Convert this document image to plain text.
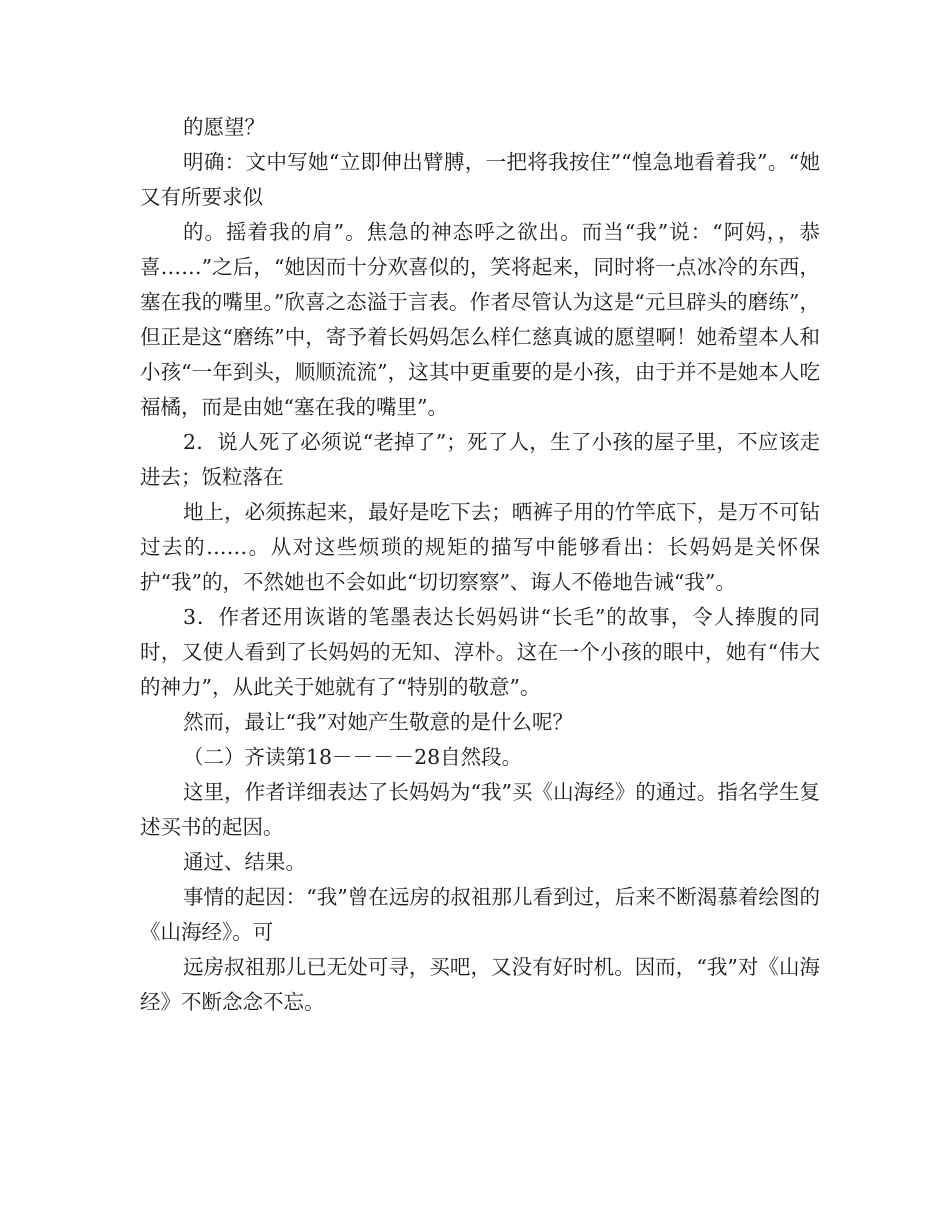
的愿望？

明确：文中写她“立即伸出臂膊，一把将我按住”“惶急地看着我”。“她又有所要求似

的。摇着我的肩”。焦急的神态呼之欲出。而当“我”说：“阿妈，，恭喜……”之后，“她因而十分欢喜似的，笑将起来，同时将一点冰冷的东西，塞在我的嘴里。”欣喜之态溢于言表。作者尽管认为这是“元旦辟头的磨练”，但正是这“磨练”中，寄予着长妈妈怎么样仁慈真诚的愿望啊！她希望本人和小孩“一年到头，顺顺流流”，这其中更重要的是小孩，由于并不是她本人吃福橘，而是由她“塞在我的嘴里”。

2．说人死了必须说“老掉了”；死了人，生了小孩的屋子里，不应该走进去；饭粒落在

地上，必须拣起来，最好是吃下去；晒裤子用的竹竿底下，是万不可钻过去的……。从对这些烦琐的规矩的描写中能够看出：长妈妈是关怀保护“我”的，不然她也不会如此“切切察察”、诲人不倦地告诫“我”。

3．作者还用诙谐的笔墨表达长妈妈讲“长毛”的故事，令人捧腹的同时，又使人看到了长妈妈的无知、淳朴。这在一个小孩的眼中，她有“伟大的神力”，从此关于她就有了“特别的敬意”。

然而，最让“我”对她产生敬意的是什么呢？

（二）齐读第18－－－－28自然段。

这里，作者详细表达了长妈妈为“我”买《山海经》的通过。指名学生复述买书的起因。

通过、结果。

事情的起因：“我”曾在远房的叔祖那儿看到过，后来不断渴慕着绘图的《山海经》。可

远房叔祖那儿已无处可寻，买吧，又没有好时机。因而，“我”对《山海经》不断念念不忘。
